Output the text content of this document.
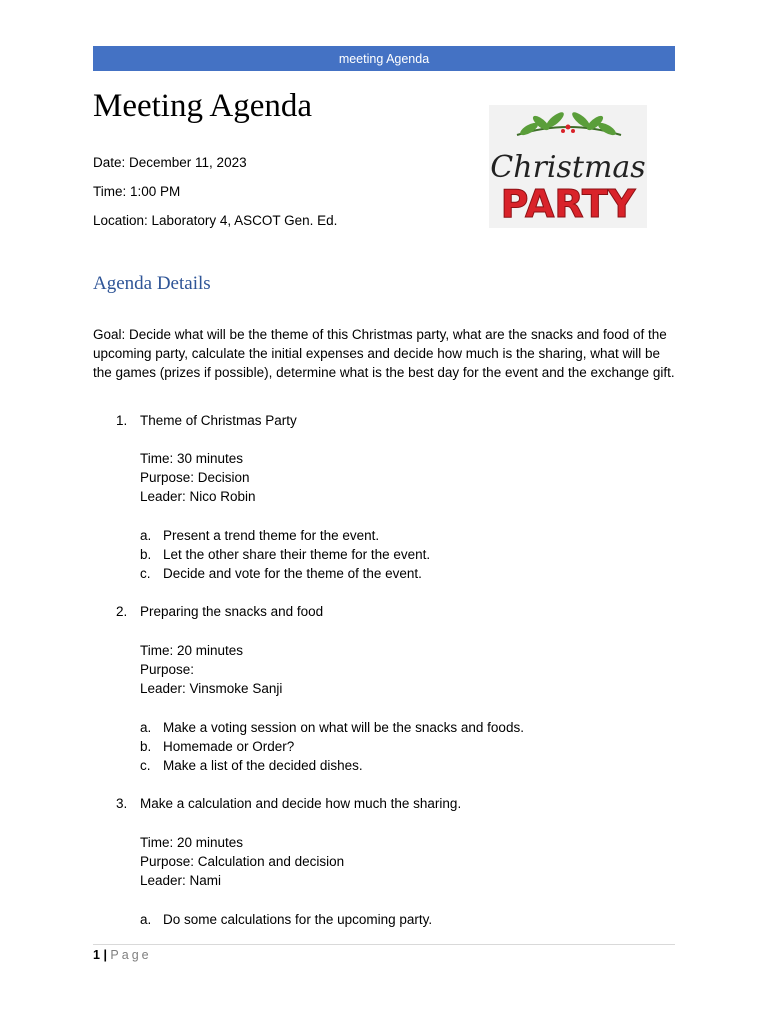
meeting Agenda
Meeting Agenda
Date: December 11, 2023
Time: 1:00 PM
Location: Laboratory 4, ASCOT Gen. Ed.
Christmas
PARTY
Agenda Details

Goal: Decide what will be the theme of this Christmas party, what are the snacks and food of the upcoming party, calculate the initial expenses and decide how much is the sharing, what will be the games (prizes if possible), determine what is the best day for the event and the exchange gift.

1. Theme of Christmas Party
Time: 30 minutes
Purpose: Decision
Leader: Nico Robin
a. Present a trend theme for the event.
b. Let the other share their theme for the event.
c. Decide and vote for the theme of the event.
2. Preparing the snacks and food
Time: 20 minutes
Purpose:
Leader: Vinsmoke Sanji
a. Make a voting session on what will be the snacks and foods.
b. Homemade or Order?
c. Make a list of the decided dishes.
3. Make a calculation and decide how much the sharing.
Time: 20 minutes
Purpose: Calculation and decision
Leader: Nami
a. Do some calculations for the upcoming party.
1 | Page
